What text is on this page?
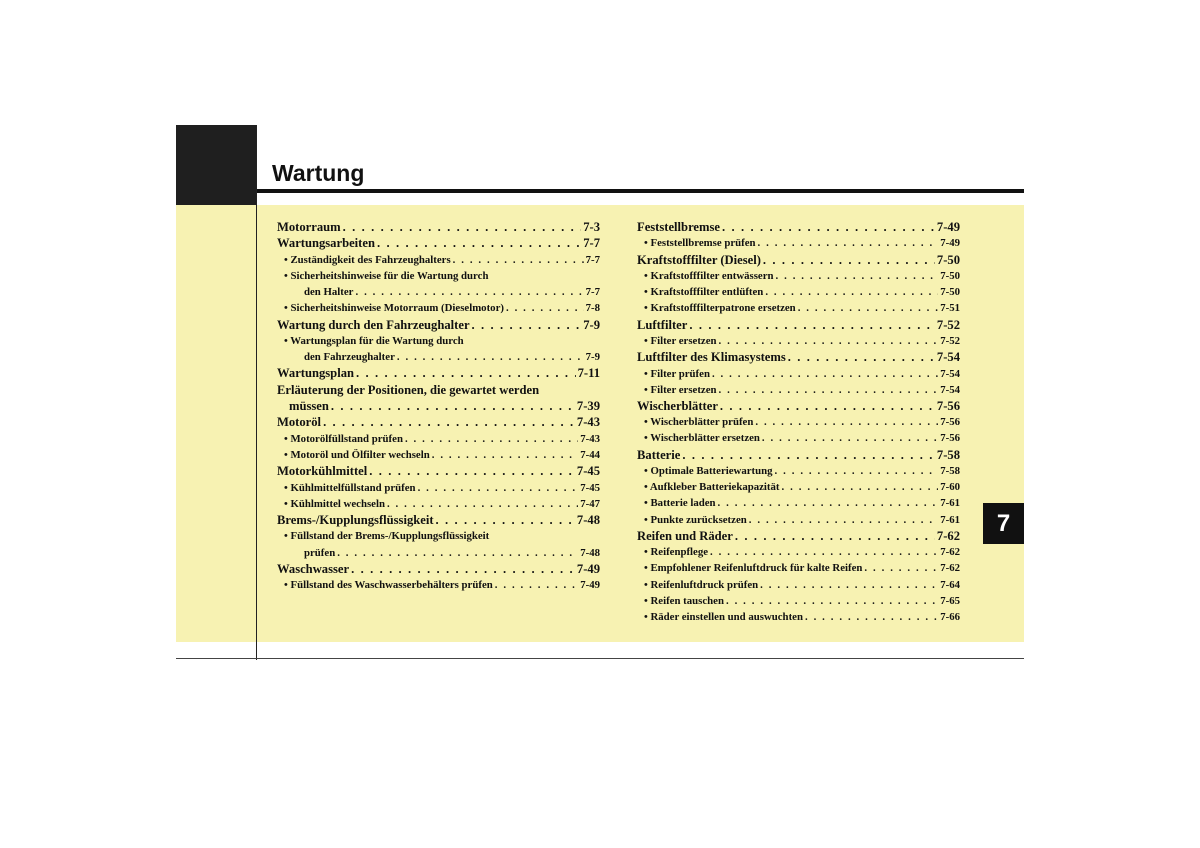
Wartung
Motorraum . . .	7-3
Wartungsarbeiten . . .	7-7
• Zuständigkeit des Fahrzeughalters . . .	7-7
• Sicherheitshinweise für die Wartung durch
den Halter . . .	7-7
• Sicherheitshinweise Motorraum (Dieselmotor) . . .	7-8
Wartung durch den Fahrzeughalter . . .	7-9
• Wartungsplan für die Wartung durch
den Fahrzeughalter . . .	7-9
Wartungsplan . . .	7-11
Erläuterung der Positionen, die gewartet werden
müssen . . .	7-39
Motoröl . . .	7-43
• Motorölfüllstand prüfen . . .	7-43
• Motoröl und Ölfilter wechseln . . .	7-44
Motorkühlmittel . . .	7-45
• Kühlmittelfüllstand prüfen . . .	7-45
• Kühlmittel wechseln . . .	7-47
Brems-/Kupplungsflüssigkeit . . .	7-48
• Füllstand der Brems-/Kupplungsflüssigkeit
prüfen . . .	7-48
Waschwasser . . .	7-49
• Füllstand des Waschwasserbehälters prüfen . . .	7-49
Feststellbremse . . .	7-49
• Feststellbremse prüfen . . .	7-49
Kraftstofffilter (Diesel) . . .	7-50
• Kraftstofffilter entwässern . . .	7-50
• Kraftstofffilter entlüften . . .	7-50
• Kraftstofffilterpatrone ersetzen . . .	7-51
Luftfilter . . .	7-52
• Filter ersetzen . . .	7-52
Luftfilter des Klimasystems . . .	7-54
• Filter prüfen . . .	7-54
• Filter ersetzen . . .	7-54
Wischerblätter . . .	7-56
• Wischerblätter prüfen . . .	7-56
• Wischerblätter ersetzen . . .	7-56
Batterie . . .	7-58
• Optimale Batteriewartung . . .	7-58
• Aufkleber Batteriekapazität . . .	7-60
• Batterie laden . . .	7-61
• Punkte zurücksetzen . . .	7-61
Reifen und Räder . . .	7-62
• Reifenpflege . . .	7-62
• Empfohlener Reifenluftdruck für kalte Reifen . . .	7-62
• Reifenluftdruck prüfen . . .	7-64
• Reifen tauschen . . .	7-65
• Räder einstellen und auswuchten . . .	7-66
7
